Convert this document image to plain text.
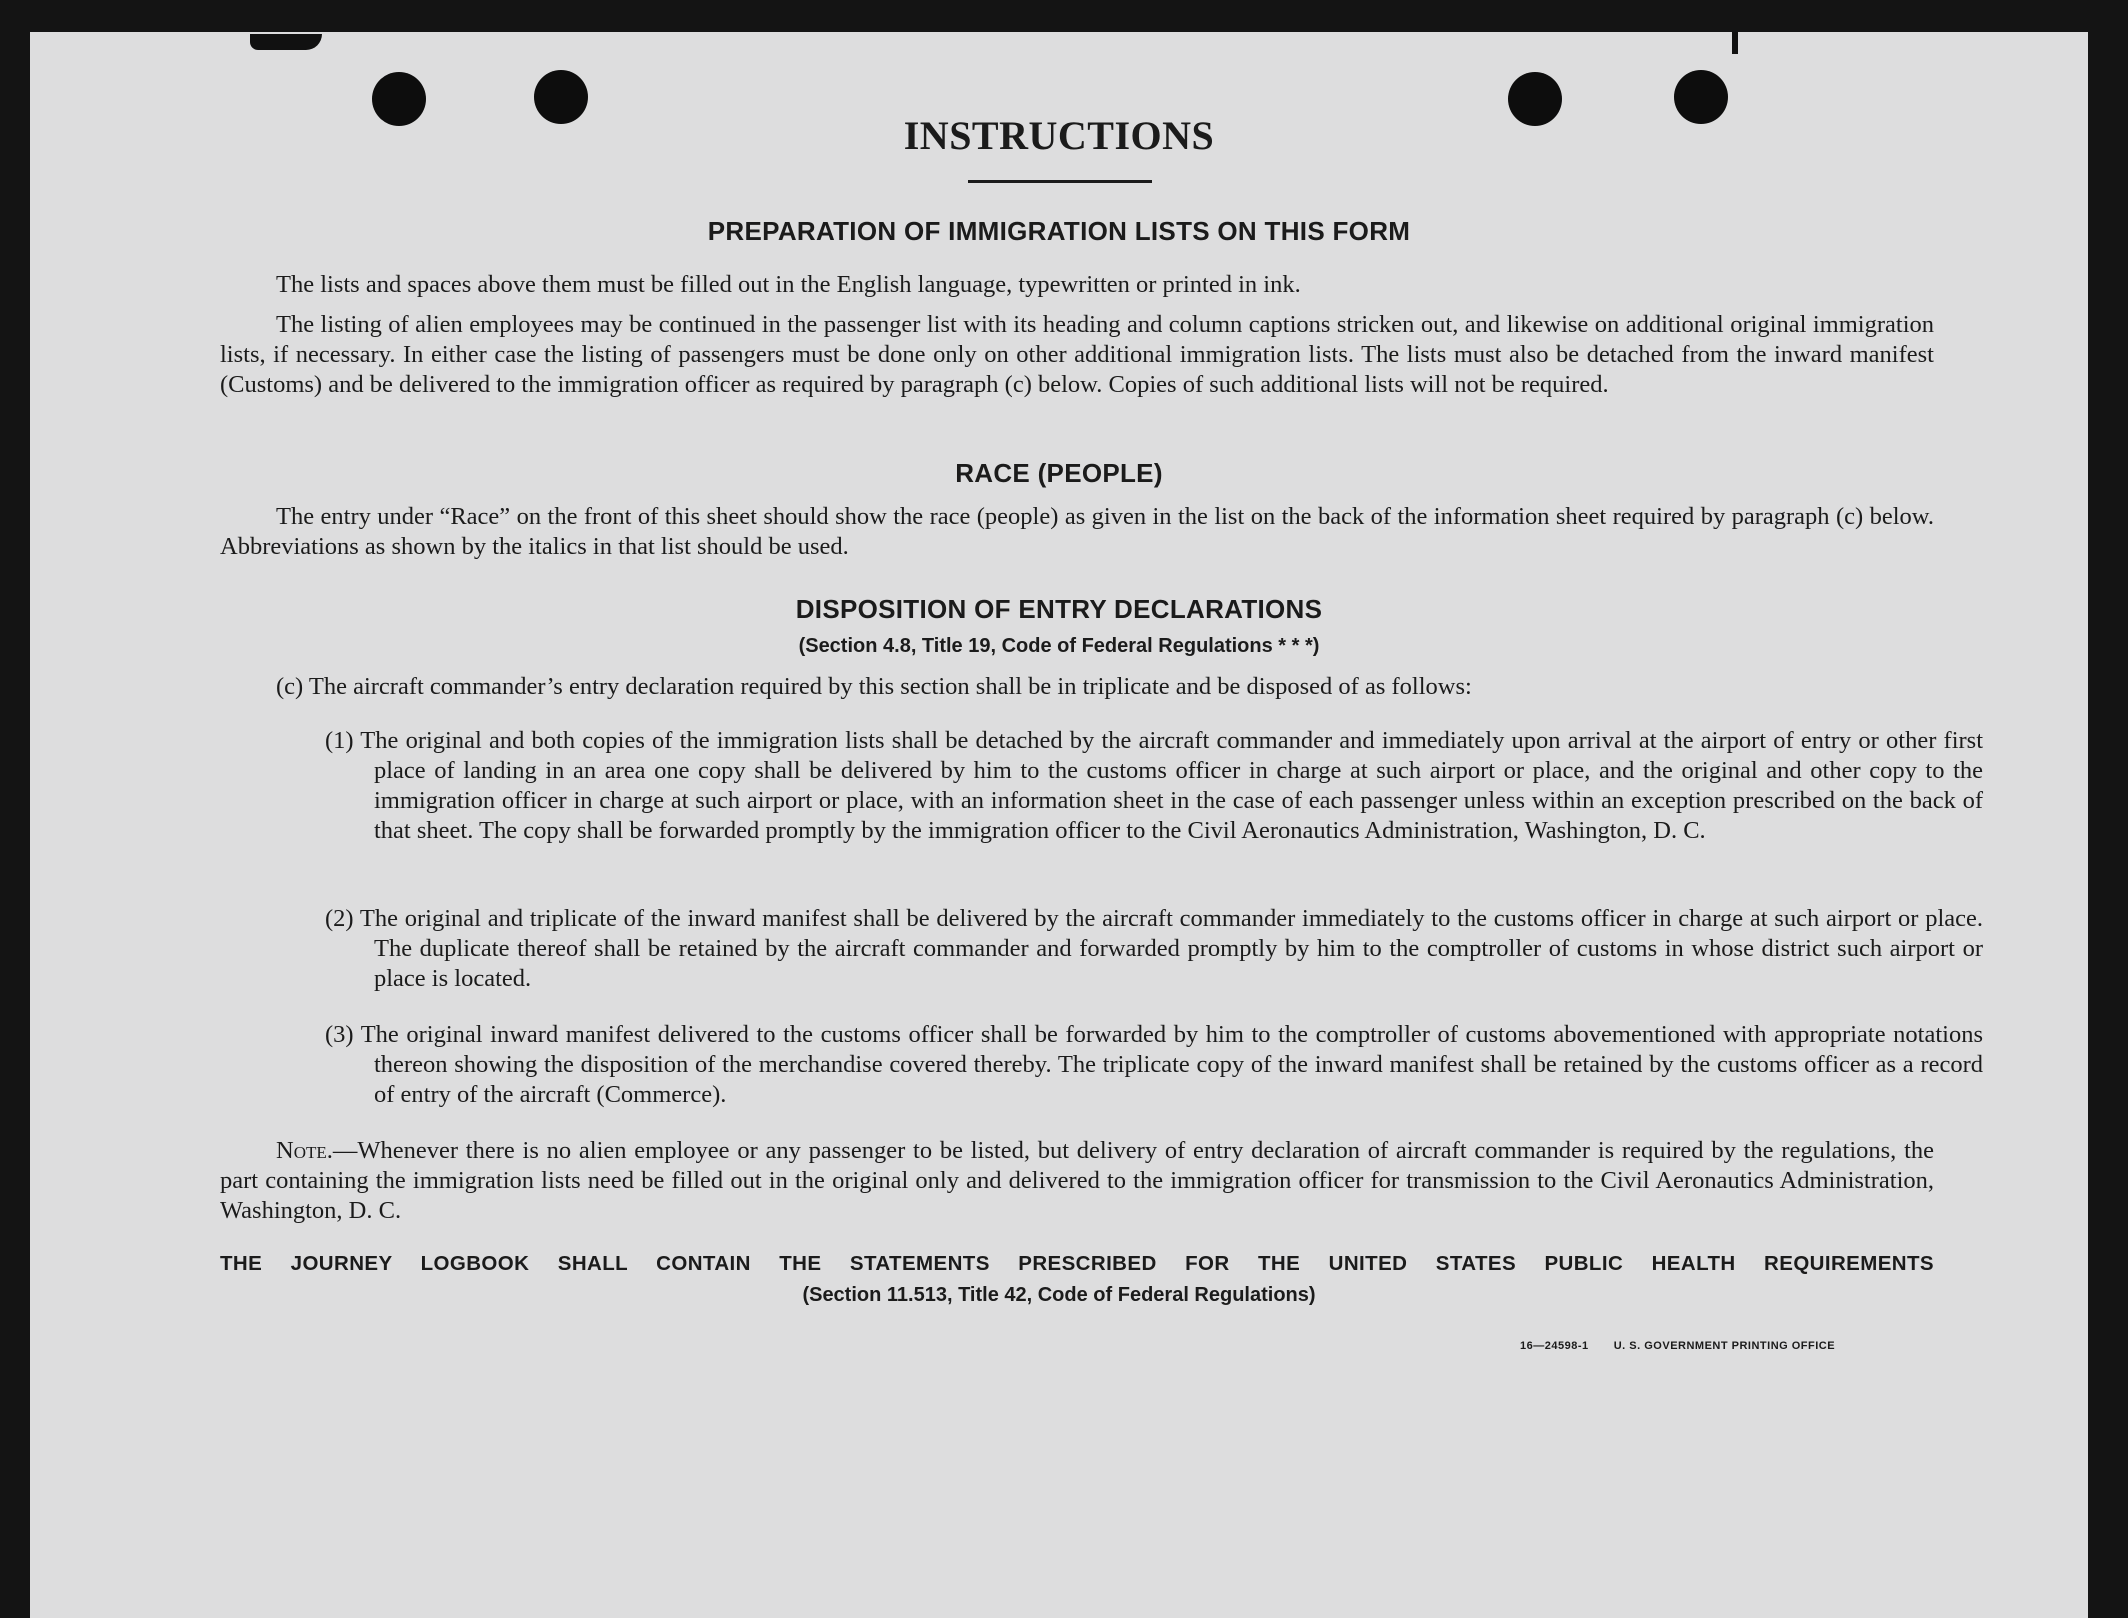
INSTRUCTIONS
PREPARATION OF IMMIGRATION LISTS ON THIS FORM

The lists and spaces above them must be filled out in the English language, typewritten or printed in ink.

The listing of alien employees may be continued in the passenger list with its heading and column captions stricken out, and likewise on additional original immigration lists, if necessary. In either case the listing of passengers must be done only on other additional immigration lists. The lists must also be detached from the inward manifest (Customs) and be delivered to the immigration officer as required by paragraph (c) below. Copies of such additional lists will not be required.

RACE (PEOPLE)

The entry under “Race” on the front of this sheet should show the race (people) as given in the list on the back of the information sheet required by paragraph (c) below. Abbreviations as shown by the italics in that list should be used.

DISPOSITION OF ENTRY DECLARATIONS
(Section 4.8, Title 19, Code of Federal Regulations * * *)

(c) The aircraft commander’s entry declaration required by this section shall be in triplicate and be disposed of as follows:

(1) The original and both copies of the immigration lists shall be detached by the aircraft commander and immediately upon arrival at the airport of entry or other first place of landing in an area one copy shall be delivered by him to the customs officer in charge at such airport or place, and the original and other copy to the immigration officer in charge at such airport or place, with an information sheet in the case of each passenger unless within an exception prescribed on the back of that sheet. The copy shall be forwarded promptly by the immigration officer to the Civil Aeronautics Administration, Washington, D. C.

(2) The original and triplicate of the inward manifest shall be delivered by the aircraft commander immediately to the customs officer in charge at such airport or place. The duplicate thereof shall be retained by the aircraft commander and forwarded promptly by him to the comptroller of customs in whose district such airport or place is located.

(3) The original inward manifest delivered to the customs officer shall be forwarded by him to the comptroller of customs abovementioned with appropriate notations thereon showing the disposition of the merchandise covered thereby. The triplicate copy of the inward manifest shall be retained by the customs officer as a record of entry of the aircraft (Commerce).

Note.—Whenever there is no alien employee or any passenger to be listed, but delivery of entry declaration of aircraft commander is required by the regulations, the part containing the immigration lists need be filled out in the original only and delivered to the immigration officer for transmission to the Civil Aeronautics Administration, Washington, D. C.

THE JOURNEY LOGBOOK SHALL CONTAIN THE STATEMENTS PRESCRIBED FOR THE UNITED STATES PUBLIC HEALTH REQUIREMENTS
(Section 11.513, Title 42, Code of Federal Regulations)
16—24598‑1 U. S. GOVERNMENT PRINTING OFFICE
